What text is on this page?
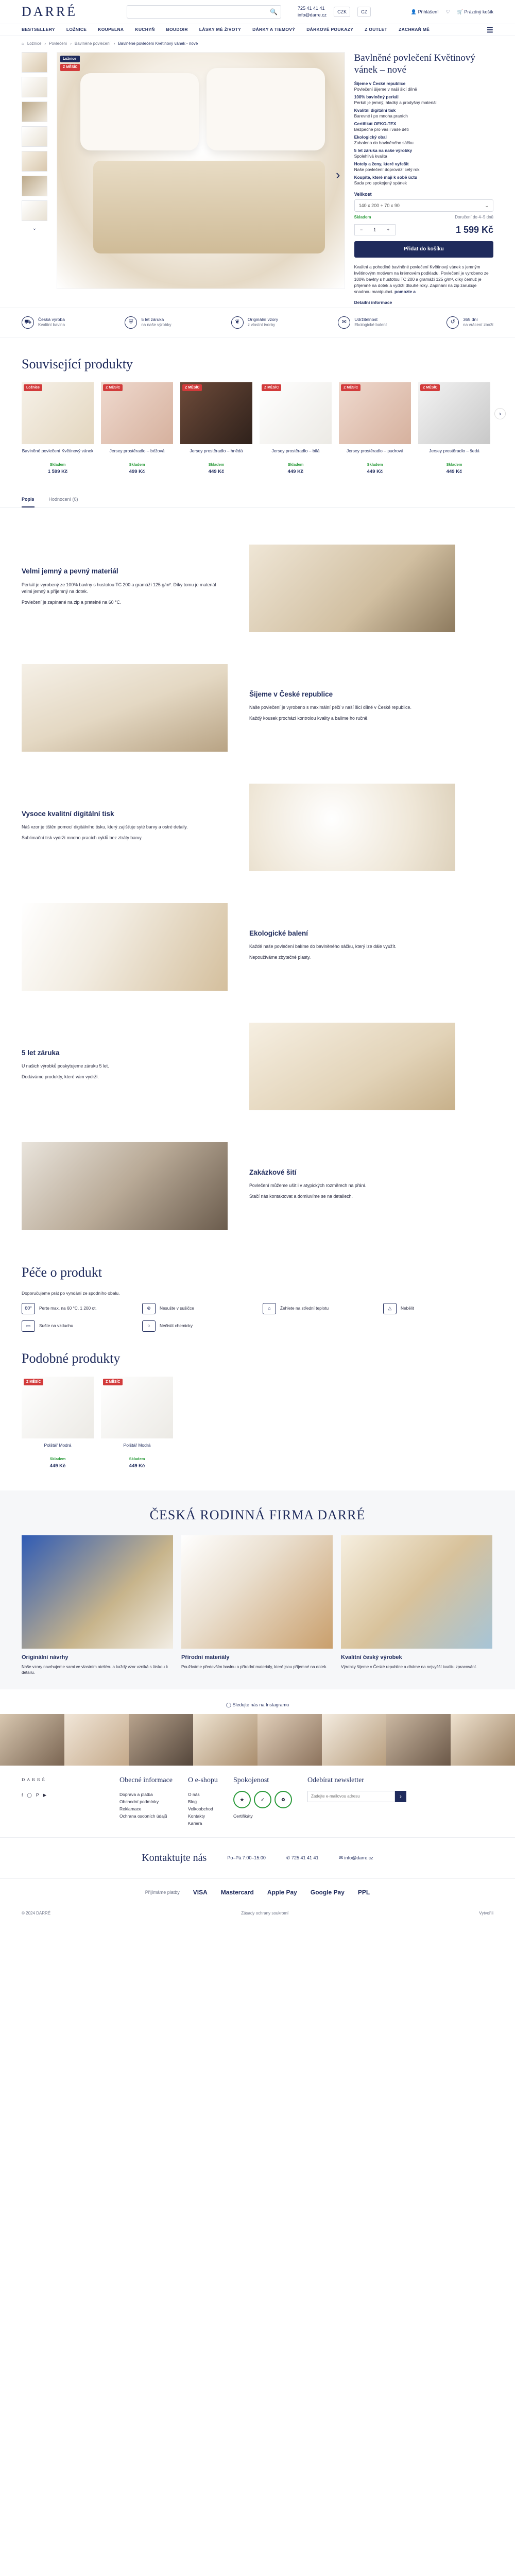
DARRÉ	🔍	725 41 41 41
info@darre.cz
CZK	CZ	👤 Přihlášení ♡ 🛒 Prázdný košík
BESTSELLERY	LOŽNICE	KOUPELNA	KUCHYŇ	BOUDOIR	LÁSKY MÉ ŽIVOTY	DÁRKY A TIEMOVÝ	DÁRKOVÉ POUKAZY	Z OUTLET	ZACHRAŇ MĚ	☰
⌂ Ložnice › Povlečení › Bavlněné povlečení › Bavlněné povlečení Květinový vánek - nové
⌄
Ložnice
Z MĚSÍC
›
Bavlněné povlečení Květinový vánek – nové
Šijeme v České republice
Povlečení šijeme v naší šicí dílně
100% bavlněný perkál
Perkál je jemný, hladký a prodyšný materiál
Kvalitní digitální tisk
Barevné i po mnoha praních
Certifikát OEKO-TEX
Bezpečné pro vás i vaše děti
Ekologický obal
Zabaleno do bavlněného sáčku
5 let záruka na naše výrobky
Spolehlivá kvalita
Hotely a ženy, které vyřešit
Naše povlečení doprovází celý rok
Koupíte, které mají k sobě úctu
Sada pro spokojený spánek
Velikost
140 x 200 + 70 x 90	⌄
Skladem	Doručení do 4–5 dnů
− 1 +	1 599 Kč
Přidat do košíku
Kvalitní a pohodlné bavlněné povlečení Květinový vánek s jemným květinovým motivem na krémovém podkladu. Povlečení je vyrobeno ze 100% bavlny s hustotou TC 200 a gramáží 125 g/m², díky čemuž je příjemné na dotek a vydrží dlouhé roky. Zapínání na zip zaručuje snadnou manipulaci. pomozte a
Detailní informace
⛟	Česká výroba
Kvalitní bavlna	⛨	5 let záruka
na naše výrobky	❦	Originální vzory
z vlastní tvorby	✉	Udržitelnost
Ekologické balení	↺	365 dní
na vrácení zboží
Související produkty
Ložnice
Bavlněné povlečení Květinový vánek
Skladem
1 599 Kč
Z MĚSÍC
Jersey prostěradlo – béžová
Skladem
499 Kč
Z MĚSÍC
Jersey prostěradlo – hnědá
Skladem
449 Kč
Z MĚSÍC
Jersey prostěradlo – bílá
Skladem
449 Kč
Z MĚSÍC
Jersey prostěradlo – pudrová
Skladem
449 Kč
Z MĚSÍC
Jersey prostěradlo – šedá
Skladem
449 Kč
›
Popis	Hodnocení (0)
Velmi jemný a pevný materiál

Perkál je vyrobený ze 100% bavlny s hustotou TC 200 a gramáží 125 g/m². Díky tomu je materiál velmi jemný a příjemný na dotek.

Povlečení je zapínané na zip a pratelné na 60 °C.

Šijeme v České republice

Naše povlečení je vyrobeno s maximální péčí v naší šicí dílně v České republice.

Každý kousek prochází kontrolou kvality a balíme ho ručně.

Vysoce kvalitní digitální tisk

Náš vzor je tištěn pomocí digitálního tisku, který zajišťuje syté barvy a ostré detaily.

Sublimační tisk vydrží mnoho pracích cyklů bez ztráty barvy.

Ekologické balení

Každé naše povlečení balíme do bavlněného sáčku, který lze dále využít.

Nepoužíváme zbytečné plasty.

5 let záruka

U našich výrobků poskytujeme záruku 5 let.

Dodáváme produkty, které vám vydrží.

Zakázkové šití

Povlečení můžeme ušít i v atypických rozměrech na přání.

Stačí nás kontaktovat a domluvíme se na detailech.

Péče o produkt
Doporučujeme prát po vyndání ze spodního obalu.
60°	Perte max. na 60 °C, 1 200 ot.	⊗	Nesušte v sušičce	⌂	Žehlete na střední teplotu	△	Nebělit
▭	Sušte na vzduchu	○	Nečistit chemicky
Podobné produkty
Z MĚSÍC
Polštář Modrá
Skladem
449 Kč
Z MĚSÍC
Polštář Modrá
Skladem
449 Kč
ČESKÁ RODINNÁ FIRMA DARRÉ
Originální návrhy

Naše vzory navrhujeme sami ve vlastním ateliéru a každý vzor vzniká s láskou k detailu.

Přírodní materiály

Používáme především bavlnu a přírodní materiály, které jsou příjemné na dotek.

Kvalitní český výrobek

Výrobky šijeme v České republice a dbáme na nejvyšší kvalitu zpracování.

◯ Sledujte nás na Instagramu
DARRÉ
f ◯ P ▶
Obecné informace
Doprava a platba
Obchodní podmínky
Reklamace
Ochrana osobních údajů
O e-shopu
O nás
Blog
Velkoobchod
Kontakty
Kariéra
Spokojenost
★	✓	♻
Certifikáty
Odebírat newsletter
Zadejte e-mailovou adresu›
Kontaktujte nás	Po–Pá 7:00–15:00	✆ 725 41 41 41	✉ info@darre.cz
Přijímáme platby VISA Mastercard Apple Pay Google Pay PPL
© 2024 DARRÉ	Zásady ochrany soukromí	Vytvořili
